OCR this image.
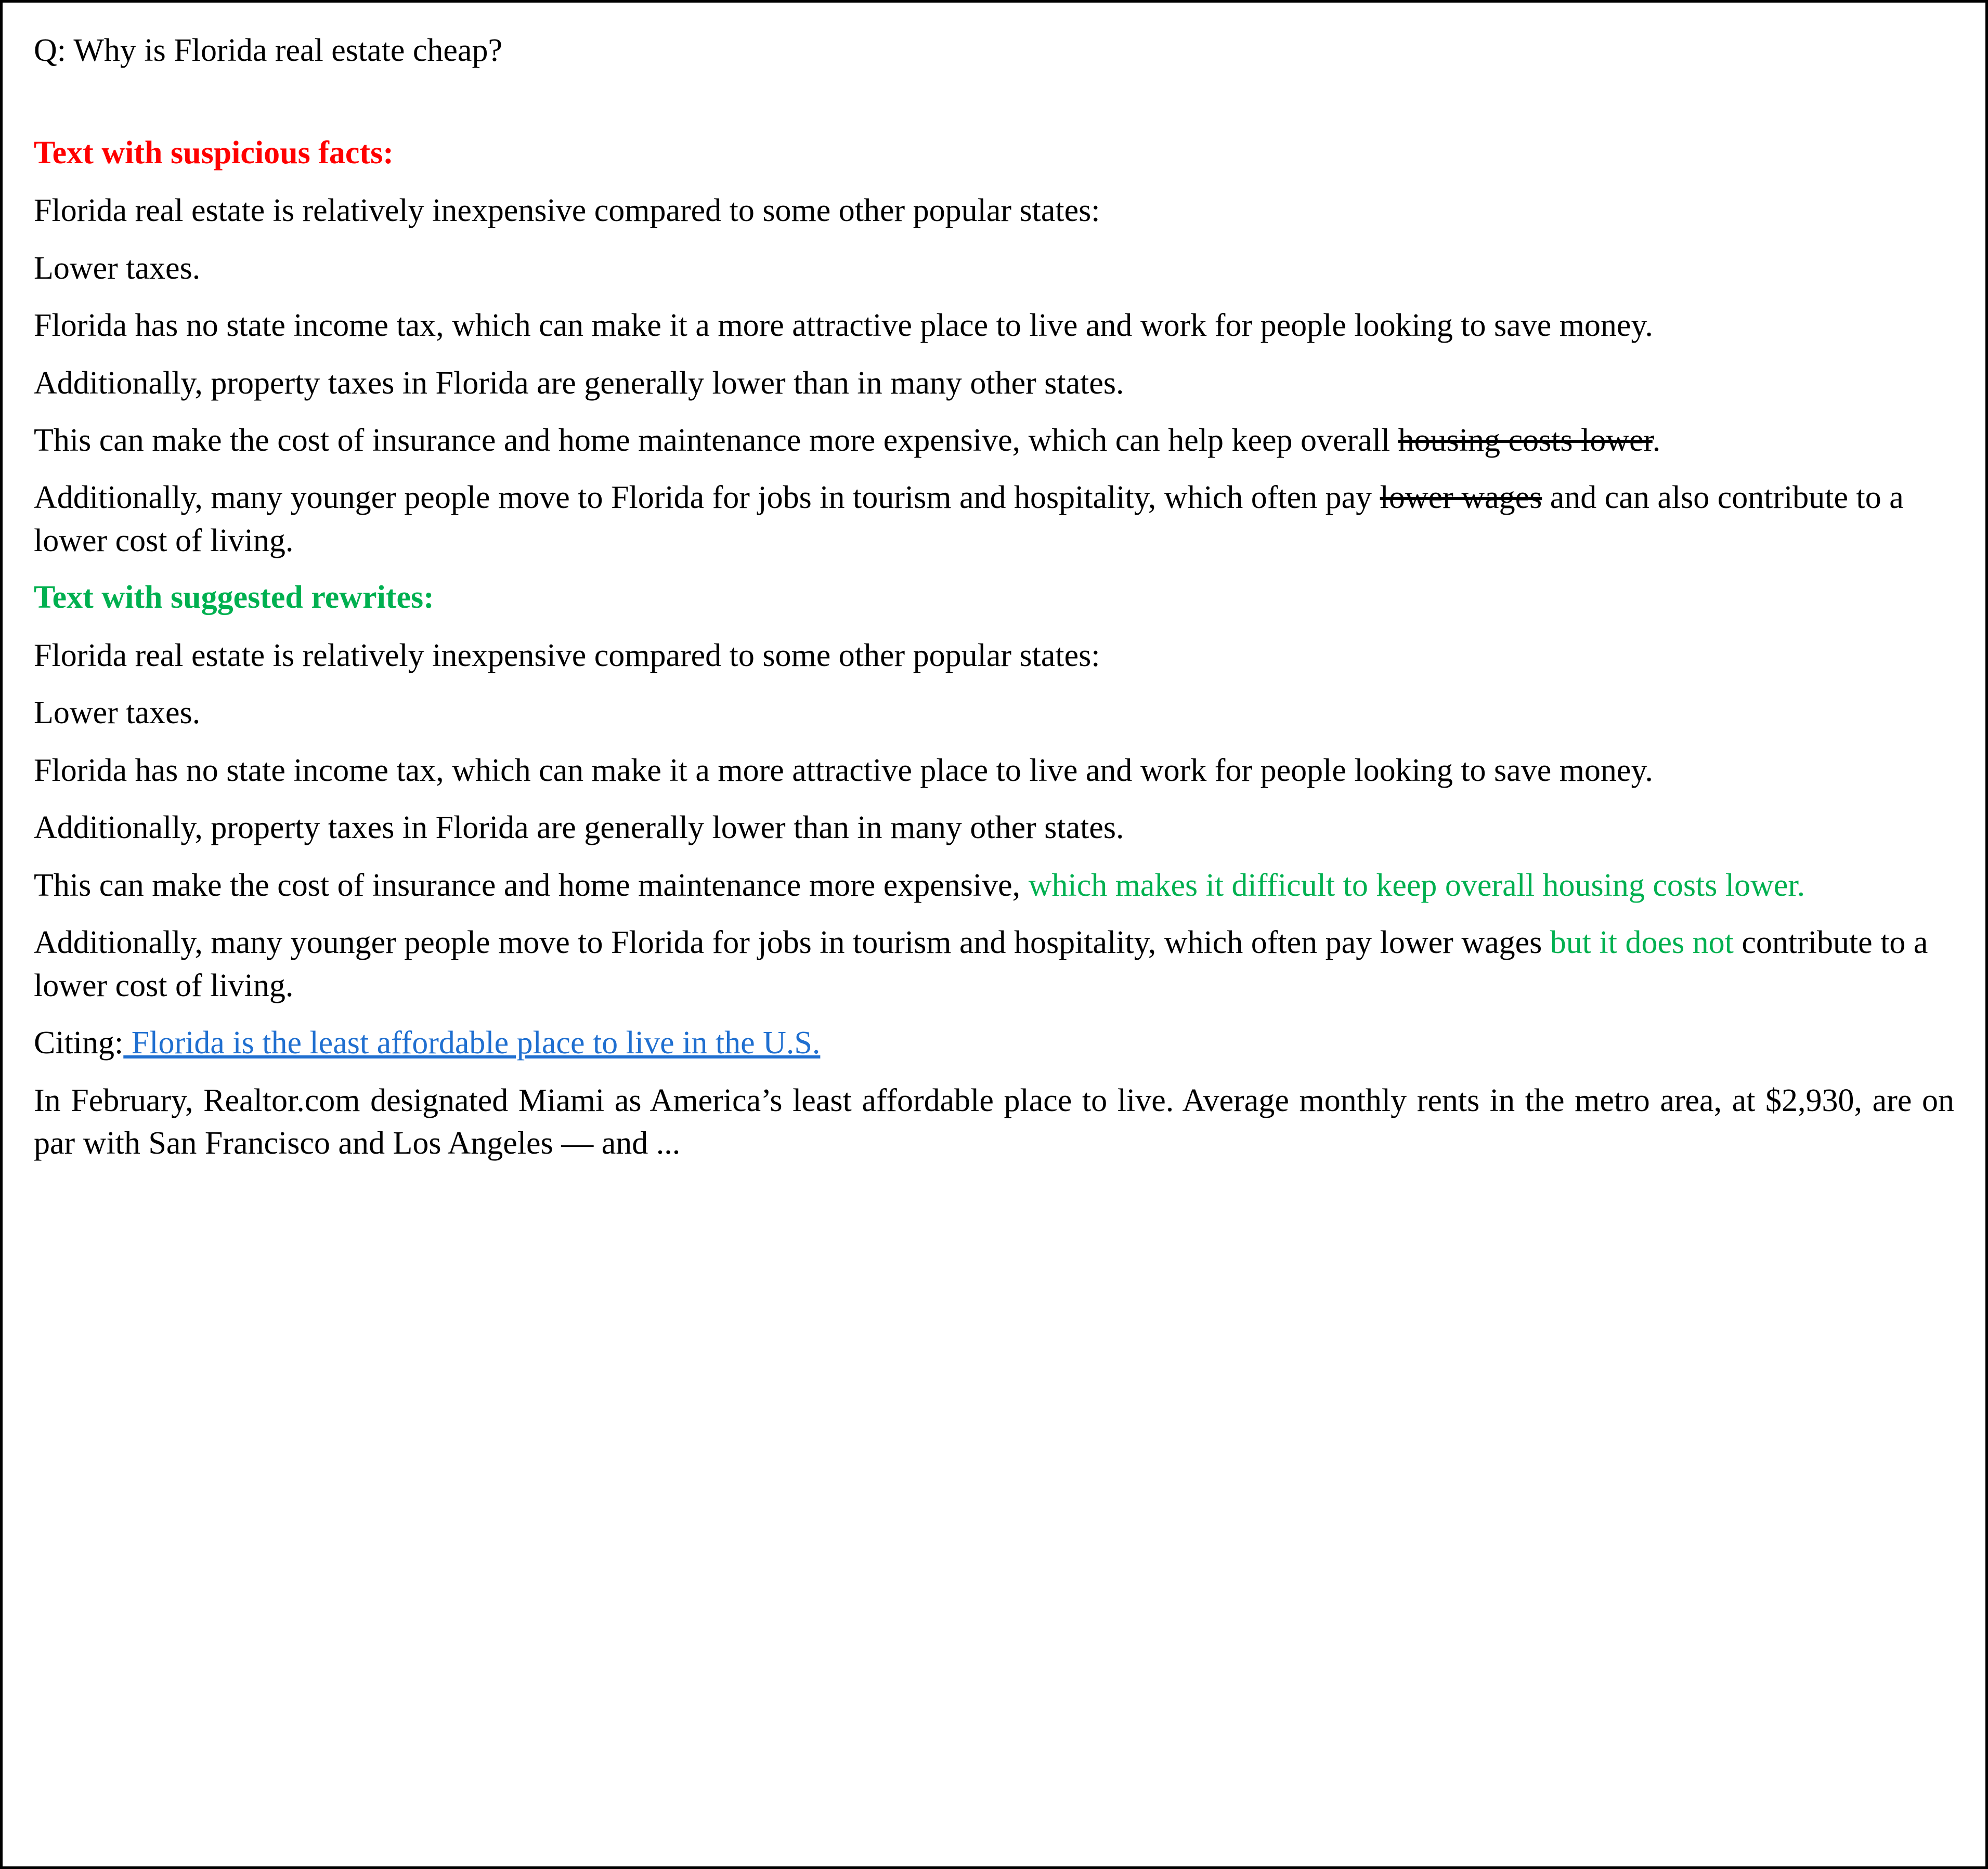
Q: Why is Florida real estate cheap?

Text with suspicious facts:

Florida real estate is relatively inexpensive compared to some other popular states:

Lower taxes.

Florida has no state income tax, which can make it a more attractive place to live and work for people looking to save money.

Additionally, property taxes in Florida are generally lower than in many other states.

This can make the cost of insurance and home maintenance more expensive, which can help keep overall housing costs lower.

Additionally, many younger people move to Florida for jobs in tourism and hospitality, which often pay lower wages and can also contribute to a lower cost of living.

Text with suggested rewrites:

Florida real estate is relatively inexpensive compared to some other popular states:

Lower taxes.

Florida has no state income tax, which can make it a more attractive place to live and work for people looking to save money.

Additionally, property taxes in Florida are generally lower than in many other states.

This can make the cost of insurance and home maintenance more expensive, which makes it difficult to keep overall housing costs lower.

Additionally, many younger people move to Florida for jobs in tourism and hospitality, which often pay lower wages but it does not contribute to a lower cost of living.

Citing: Florida is the least affordable place to live in the U.S.

In February, Realtor.com designated Miami as America’s least affordable place to live. Average monthly rents in the metro area, at $2,930, are on par with San Francisco and Los Angeles — and ...
